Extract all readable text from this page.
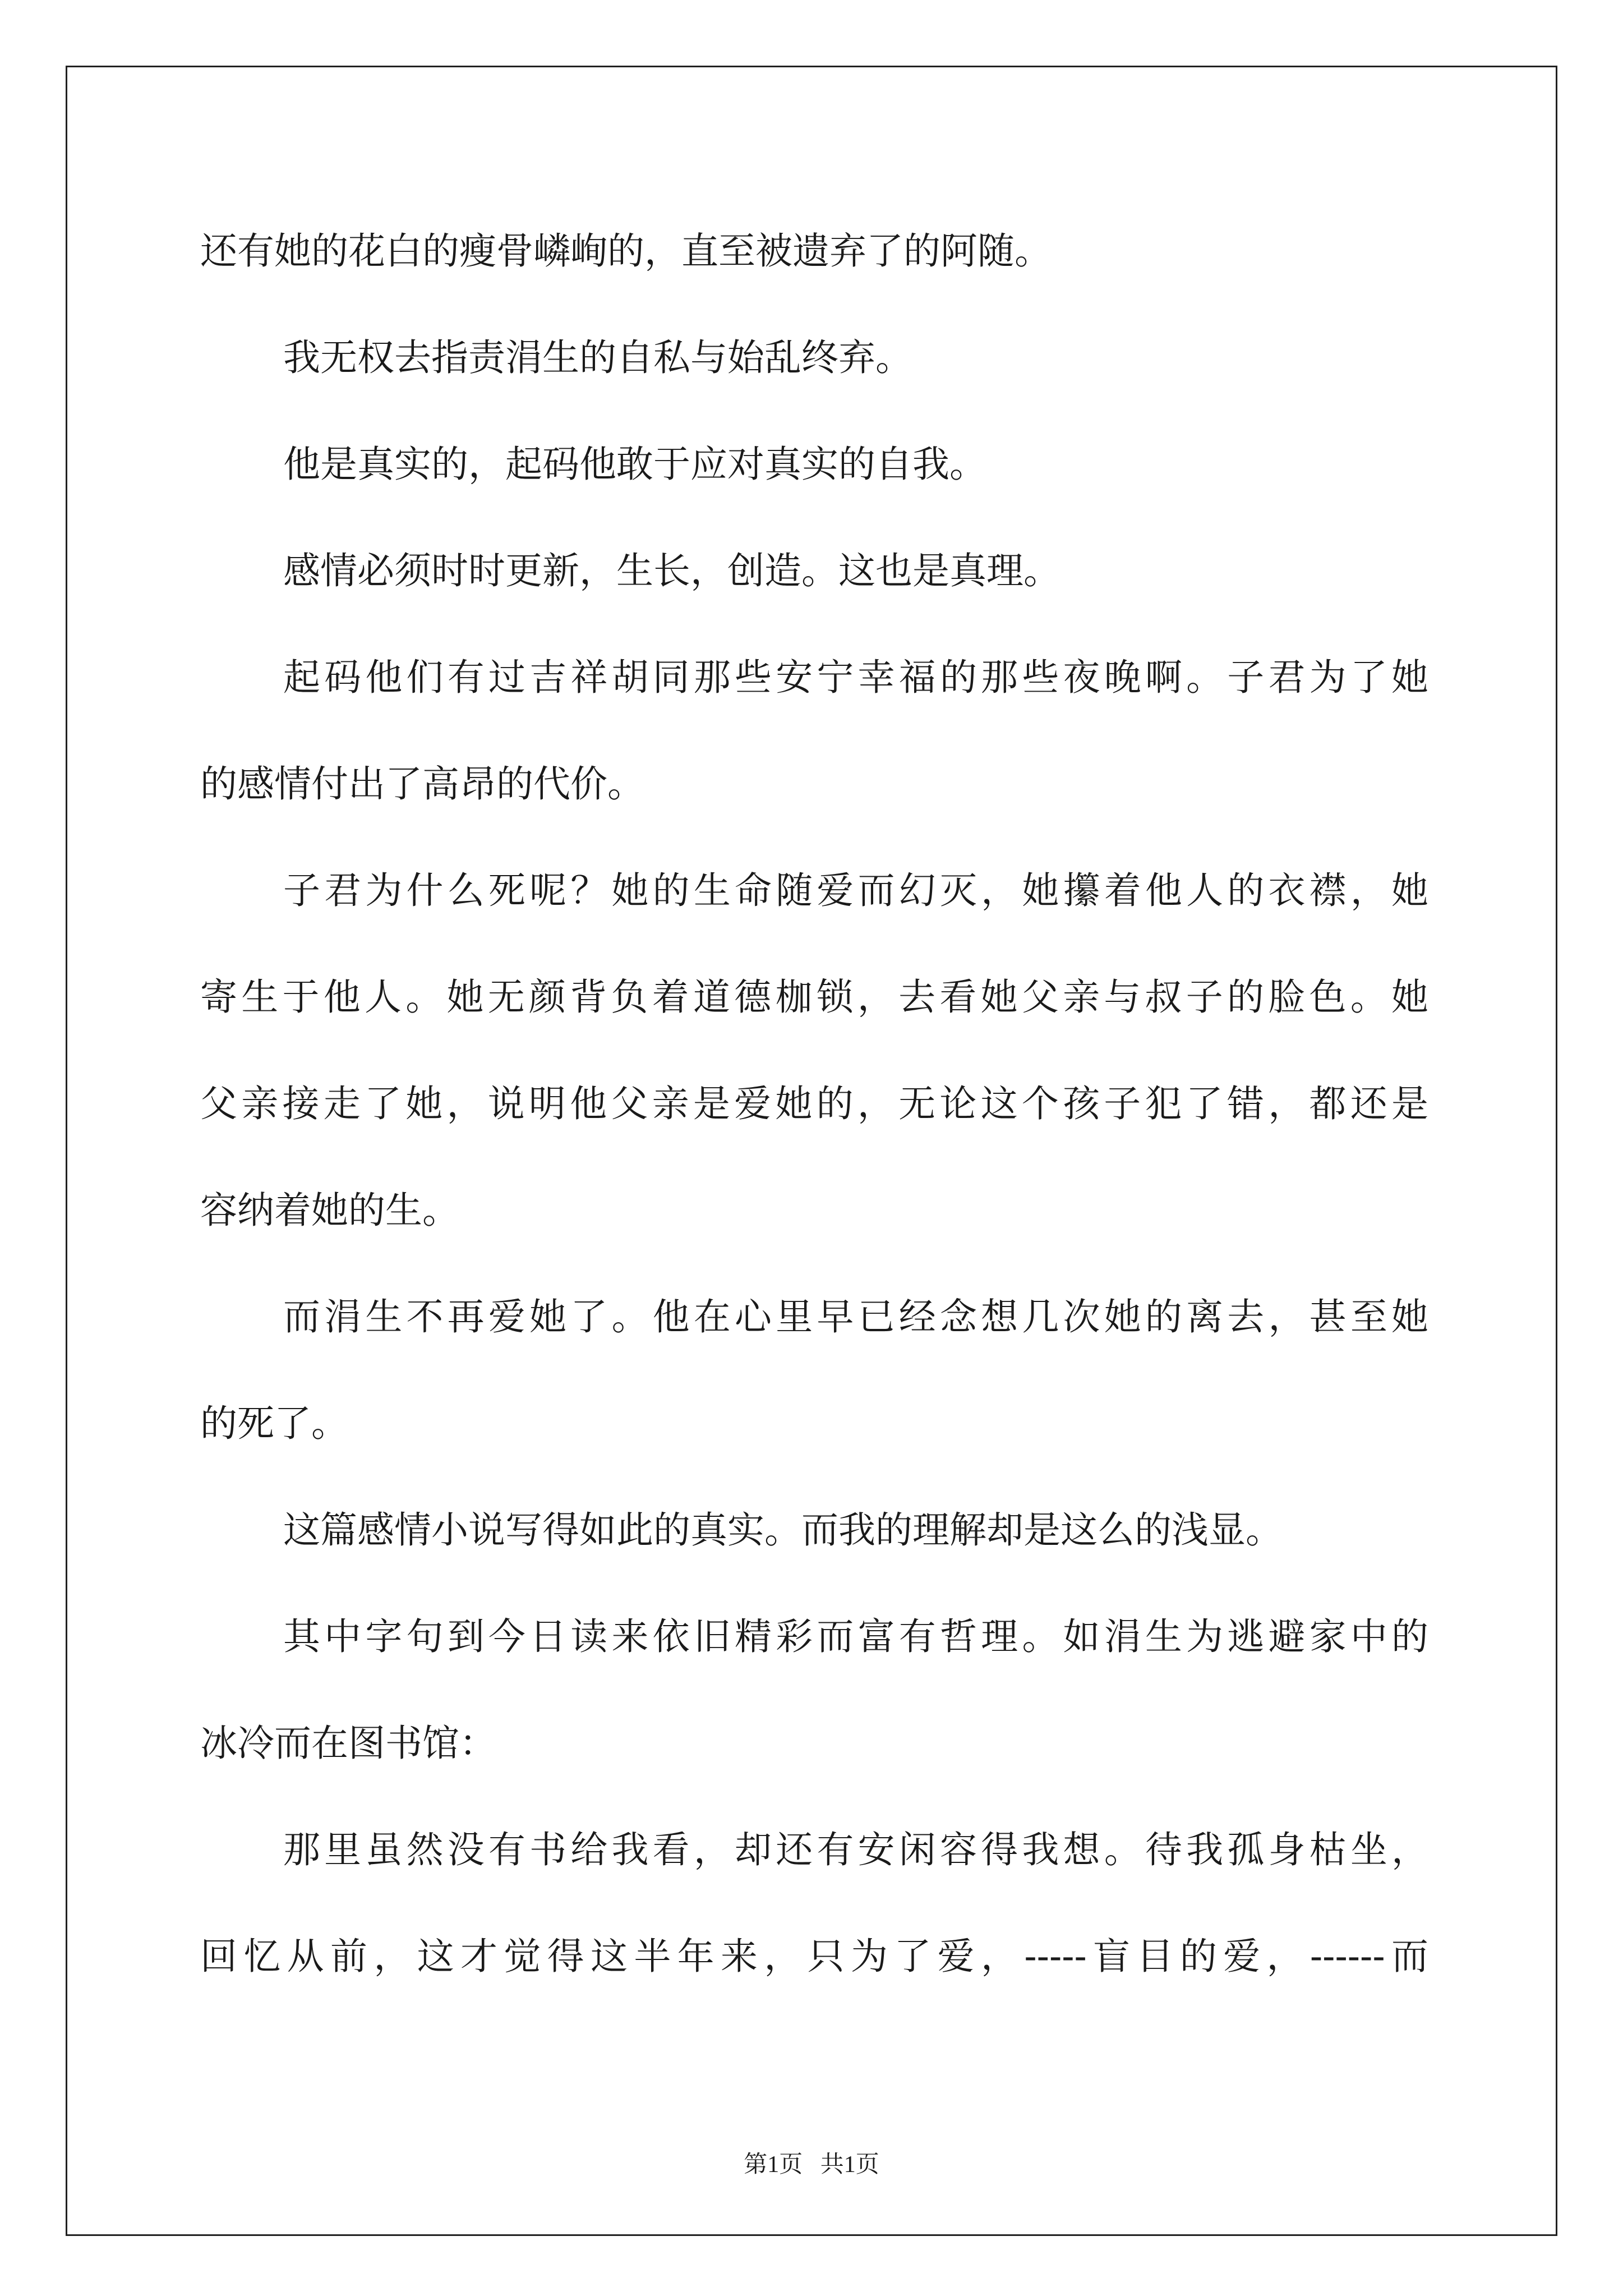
还有她的花白的瘦骨嶙峋的，直至被遗弃了的阿随。

我无权去指责涓生的自私与始乱终弃。

他是真实的，起码他敢于应对真实的自我。

感情必须时时更新，生长，创造。这也是真理。

起码他们有过吉祥胡同那些安宁幸福的那些夜晚啊。子君为了她

的感情付出了高昂的代价。

子君为什么死呢？她的生命随爱而幻灭，她攥着他人的衣襟，她

寄生于他人。她无颜背负着道德枷锁，去看她父亲与叔子的脸色。她

父亲接走了她，说明他父亲是爱她的，无论这个孩子犯了错，都还是

容纳着她的生。

而涓生不再爱她了。他在心里早已经念想几次她的离去，甚至她

的死了。

这篇感情小说写得如此的真实。而我的理解却是这么的浅显。

其中字句到今日读来依旧精彩而富有哲理。如涓生为逃避家中的

冰冷而在图书馆：

那里虽然没有书给我看，却还有安闲容得我想。待我孤身枯坐，

回忆从前，这才觉得这半年来，只为了爱，-----盲目的爱，------而

第1页   共1页
